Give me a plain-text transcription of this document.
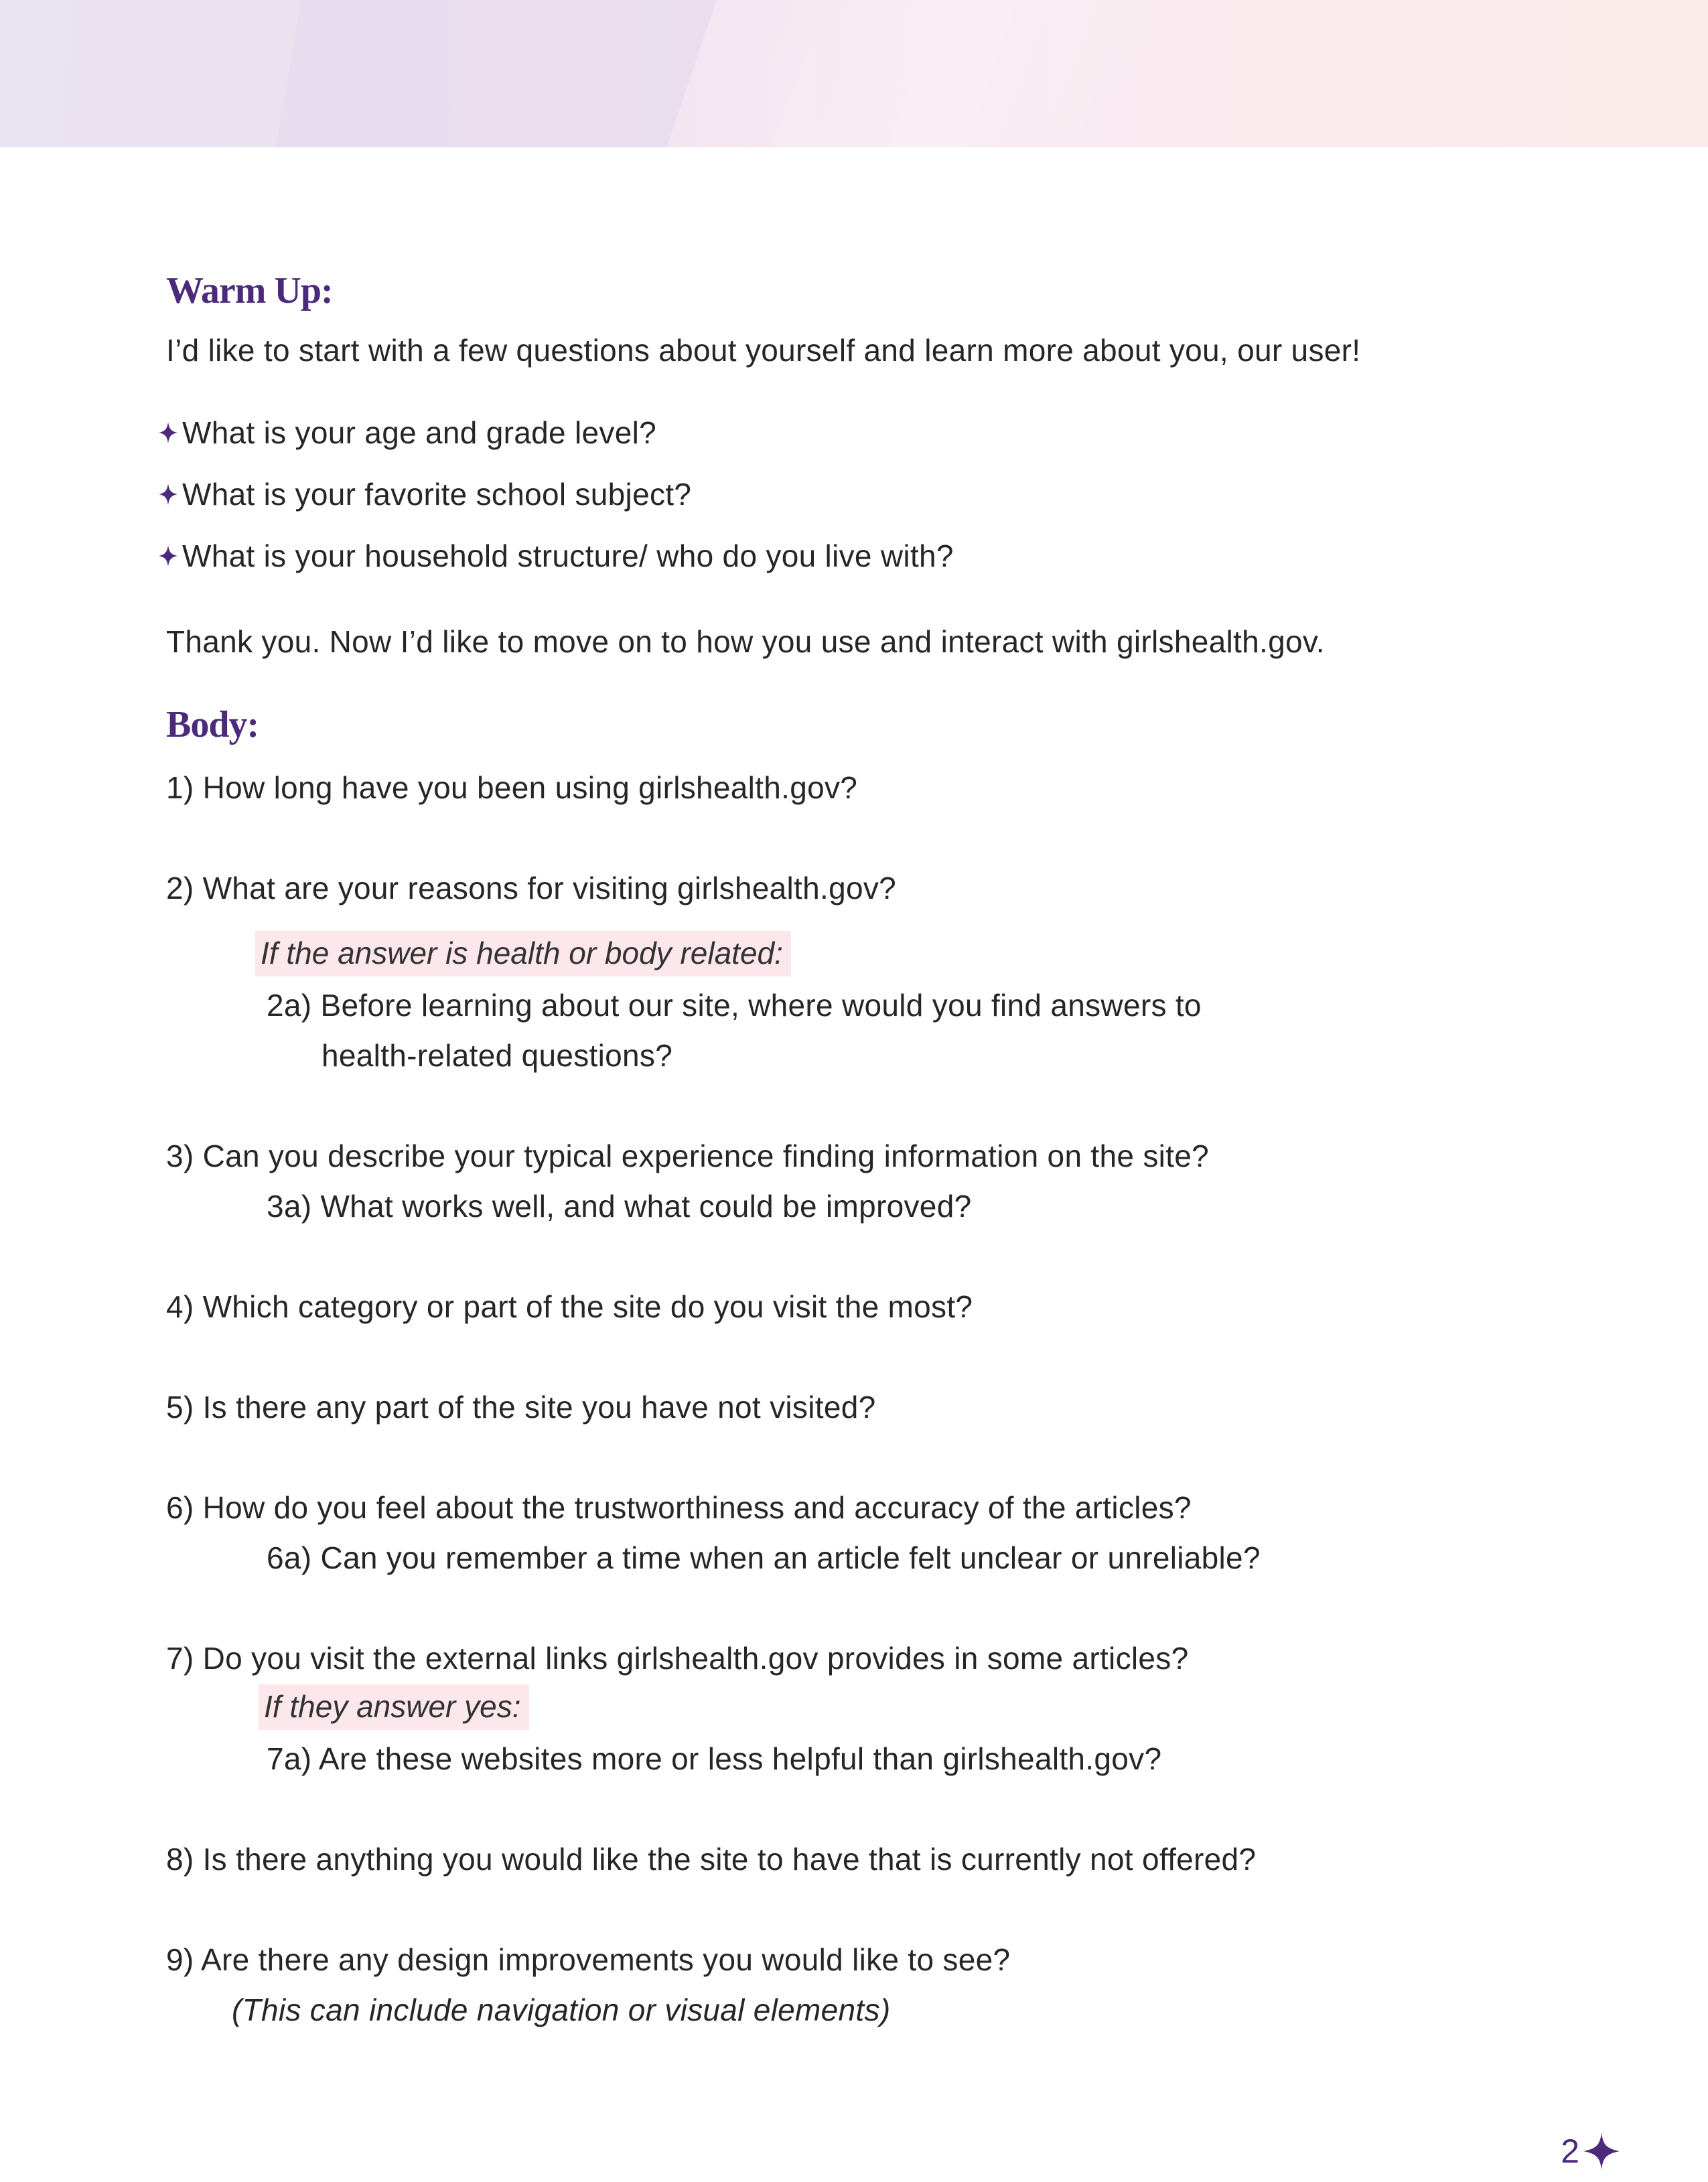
Warm Up:
I’d like to start with a few questions about yourself and learn more about you, our user!
What is your age and grade level?
What is your favorite school subject?
What is your household structure/ who do you live with?
Thank you. Now I’d like to move on to how you use and interact with girlshealth.gov.
Body:
1) How long have you been using girlshealth.gov?
2) What are your reasons for visiting girlshealth.gov?
If the answer is health or body related:
2a) Before learning about our site, where would you find answers to
health-related questions?
3) Can you describe your typical experience finding information on the site?
3a) What works well, and what could be improved?
4) Which category or part of the site do you visit the most?
5) Is there any part of the site you have not visited?
6) How do you feel about the trustworthiness and accuracy of the articles?
6a) Can you remember a time when an article felt unclear or unreliable?
7) Do you visit the external links girlshealth.gov provides in some articles?
If they answer yes:
7a) Are these websites more or less helpful than girlshealth.gov?
8) Is there anything you would like the site to have that is currently not offered?
9) Are there any design improvements you would like to see?
(This can include navigation or visual elements)
2
